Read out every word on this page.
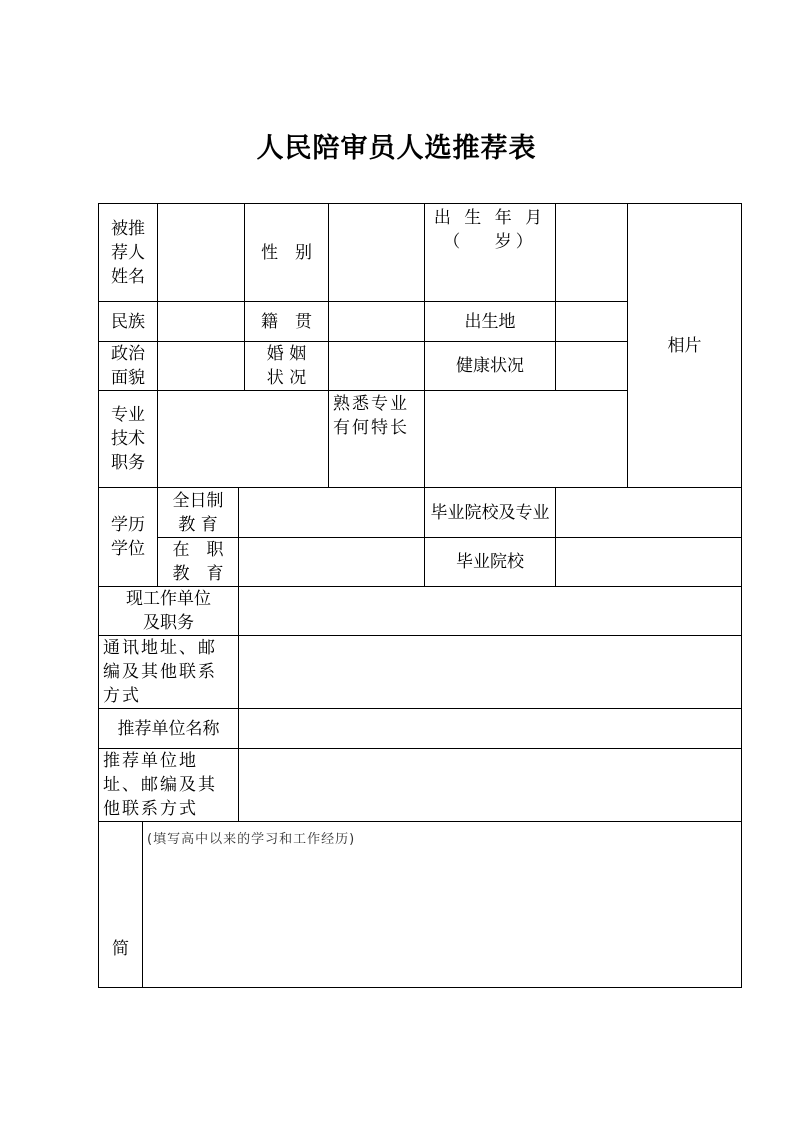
人民陪审员人选推荐表
被推荐人姓名
性　别
出 生 年 月（　 岁）
相片
民族	籍　贯	出生地
政治面貌
婚 姻 状 况
健康状况
专业技术职务
熟悉专业有何特长
学历学位
全日制 教 育
毕业院校及专业
在　职 教　育
毕业院校
现工作单位及职务
通讯地址、邮编及其他联系方式
推荐单位名称
推荐单位地址、邮编及其他联系方式
简
(填写高中以来的学习和工作经历)
